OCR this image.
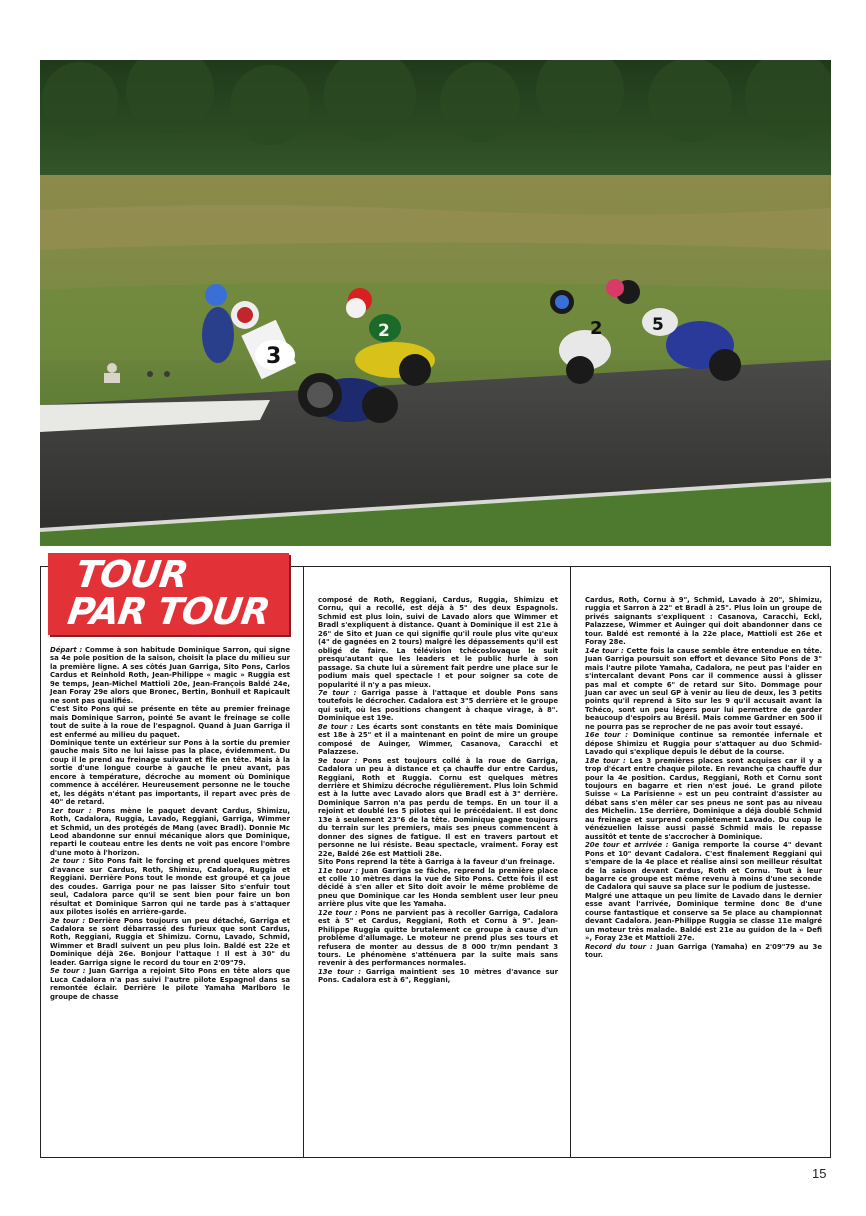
3
2	2	5
TOUR
PAR TOUR

Départ : Comme à son habitude Dominique Sarron, qui signe sa 4e pole position de la saison, choisit la place du milieu sur la première ligne. A ses côtés Juan Garriga, Sito Pons, Carlos Cardus et Reinhold Roth, Jean-Philippe « magic » Ruggia est 9e temps, Jean-Michel Mattioli 20e, Jean-François Baldé 24e, Jean Foray 29e alors que Bronec, Bertin, Bonhuil et Rapicault ne sont pas qualifiés.

C'est Sito Pons qui se présente en tête au premier freinage mais Dominique Sarron, pointé 5e avant le freinage se colle tout de suite à la roue de l'espagnol. Quand à Juan Garriga il est enfermé au milieu du paquet.

Dominique tente un extérieur sur Pons à la sortie du premier gauche mais Sito ne lui laisse pas la place, évidemment. Du coup il le prend au freinage suivant et file en tête. Mais à la sortie d'une longue courbe à gauche le pneu avant, pas encore à température, décroche au moment où Dominique commence à accélérer. Heureusement personne ne le touche et, les dégâts n'étant pas importants, il repart avec près de 40" de retard.

1er tour : Pons mène le paquet devant Cardus, Shimizu, Roth, Cadalora, Ruggia, Lavado, Reggiani, Garriga, Wimmer et Schmid, un des protégés de Mang (avec Bradl). Donnie Mc Leod abandonne sur ennui mécanique alors que Dominique, reparti le couteau entre les dents ne voit pas encore l'ombre d'une moto à l'horizon.

2e tour : Sito Pons fait le forcing et prend quelques mètres d'avance sur Cardus, Roth, Shimizu, Cadalora, Ruggia et Reggiani. Derrière Pons tout le monde est groupé et ça joue des coudes. Garriga pour ne pas laisser Sito s'enfuir tout seul, Cadalora parce qu'il se sent bien pour faire un bon résultat et Dominique Sarron qui ne tarde pas à s'attaquer aux pilotes isolés en arrière-garde.

3e tour : Derrière Pons toujours un peu détaché, Garriga et Cadalora se sont débarrassé des furieux que sont Cardus, Roth, Reggiani, Ruggia et Shimizu. Cornu, Lavado, Schmid, Wimmer et Bradl suivent un peu plus loin. Baldé est 22e et Dominique déjà 26e. Bonjour l'attaque ! Il est à 30" du leader. Garriga signe le record du tour en 2'09"79.

5e tour : Juan Garriga a rejoint Sito Pons en tête alors que Luca Cadalora n'a pas suivi l'autre pilote Espagnol dans sa remontée éclair. Derrière le pilote Yamaha Marlboro le groupe de chasse

composé de Roth, Reggiani, Cardus, Ruggia, Shimizu et Cornu, qui a recollé, est déjà à 5" des deux Espagnols. Schmid est plus loin, suivi de Lavado alors que Wimmer et Bradl s'expliquent à distance. Quant à Dominique il est 21e à 26" de Sito et Juan ce qui signifie qu'il roule plus vite qu'eux (4" de gagnées en 2 tours) malgré les dépassements qu'il est obligé de faire. La télévision tchécoslovaque le suit presqu'autant que les leaders et le public hurle à son passage. Sa chute lui a sûrement fait perdre une place sur le podium mais quel spectacle ! et pour soigner sa cote de popularité il n'y a pas mieux.

7e tour : Garriga passe à l'attaque et double Pons sans toutefois le décrocher. Cadalora est 3"5 derrière et le groupe qui suit, où les positions changent à chaque virage, à 8". Dominique est 19e.

8e tour : Les écarts sont constants en tête mais Dominique est 18e à 25" et il a maintenant en point de mire un groupe composé de Auinger, Wimmer, Casanova, Caracchi et Palazzese.

9e tour : Pons est toujours collé à la roue de Garriga, Cadalora un peu à distance et ça chauffe dur entre Cardus, Reggiani, Roth et Ruggia. Cornu est quelques mètres derrière et Shimizu décroche régulièrement. Plus loin Schmid est à la lutte avec Lavado alors que Bradl est à 3" derrière. Dominique Sarron n'a pas perdu de temps. En un tour il a rejoint et doublé les 5 pilotes qui le précédaient. Il est donc 13e à seulement 23"6 de la tête. Dominique gagne toujours du terrain sur les premiers, mais ses pneus commencent à donner des signes de fatigue. Il est en travers partout et personne ne lui résiste. Beau spectacle, vraiment. Foray est 22e, Baldé 26e est Mattioli 28e.

Sito Pons reprend la tête à Garriga à la faveur d'un freinage.

11e tour : Juan Garriga se fâche, reprend la première place et colle 10 mètres dans la vue de Sito Pons. Cette fois il est décidé à s'en aller et Sito doit avoir le même problème de pneu que Dominique car les Honda semblent user leur pneu arrière plus vite que les Yamaha.

12e tour : Pons ne parvient pas à recoller Garriga, Cadalora est à 5" et Cardus, Reggiani, Roth et Cornu à 9". Jean-Philippe Ruggia quitte brutalement ce groupe à cause d'un problème d'allumage. Le moteur ne prend plus ses tours et refusera de monter au dessus de 8 000 tr/mn pendant 3 tours. Le phénomène s'atténuera par la suite mais sans revenir à des performances normales.

13e tour : Garriga maintient ses 10 mètres d'avance sur Pons. Cadalora est à 6", Reggiani,

Cardus, Roth, Cornu à 9", Schmid, Lavado à 20", Shimizu, ruggia et Sarron à 22" et Bradl à 25". Plus loin un groupe de privés saignants s'expliquent : Casanova, Caracchi, Eckl, Palazzese, Wimmer et Auinger qui doit abandonner dans ce tour. Baldé est remonté à la 22e place, Mattioli est 26e et Foray 28e.

14e tour : Cette fois la cause semble être entendue en tête. Juan Garriga poursuit son effort et devance Sito Pons de 3" mais l'autre pilote Yamaha, Cadalora, ne peut pas l'aider en s'intercalant devant Pons car il commence aussi à glisser pas mal et compte 6" de retard sur Sito. Dommage pour Juan car avec un seul GP à venir au lieu de deux, les 3 petits points qu'il reprend à Sito sur les 9 qu'il accusait avant la Tchéco, sont un peu légers pour lui permettre de garder beaucoup d'espoirs au Brésil. Mais comme Gardner en 500 il ne pourra pas se reprocher de ne pas avoir tout essayé.

16e tour : Dominique continue sa remontée infernale et dépose Shimizu et Ruggia pour s'attaquer au duo Schmid-Lavado qui s'explique depuis le début de la course.

18e tour : Les 3 premières places sont acquises car il y a trop d'écart entre chaque pilote. En revanche ça chauffe dur pour la 4e position. Cardus, Reggiani, Roth et Cornu sont toujours en bagarre et rien n'est joué. Le grand pilote Suisse « La Parisienne » est un peu contraint d'assister au débat sans s'en mêler car ses pneus ne sont pas au niveau des Michelin. 15e derrière, Dominique a déjà doublé Schmid au freinage et surprend complètement Lavado. Du coup le vénézuelien laisse aussi passé Schmid mais le repasse aussitôt et tente de s'accrocher à Dominique.

20e tour et arrivée : Ganiga remporte la course 4" devant Pons et 10" devant Cadalora. C'est finalement Reggiani qui s'empare de la 4e place et réalise ainsi son meilleur résultat de la saison devant Cardus, Roth et Cornu. Tout à leur bagarre ce groupe est même revenu à moins d'une seconde de Cadalora qui sauve sa place sur le podium de justesse.

Malgré une attaque un peu limite de Lavado dans le dernier esse avant l'arrivée, Dominique termine donc 8e d'une course fantastique et conserve sa 5e place au championnat devant Cadalora. Jean-Philippe Ruggia se classe 11e malgré un moteur très malade. Baldé est 21e au guidon de la « Defi », Foray 23e et Mattioli 27e.

Record du tour : Juan Garriga (Yamaha) en 2'09"79 au 3e tour.

15
